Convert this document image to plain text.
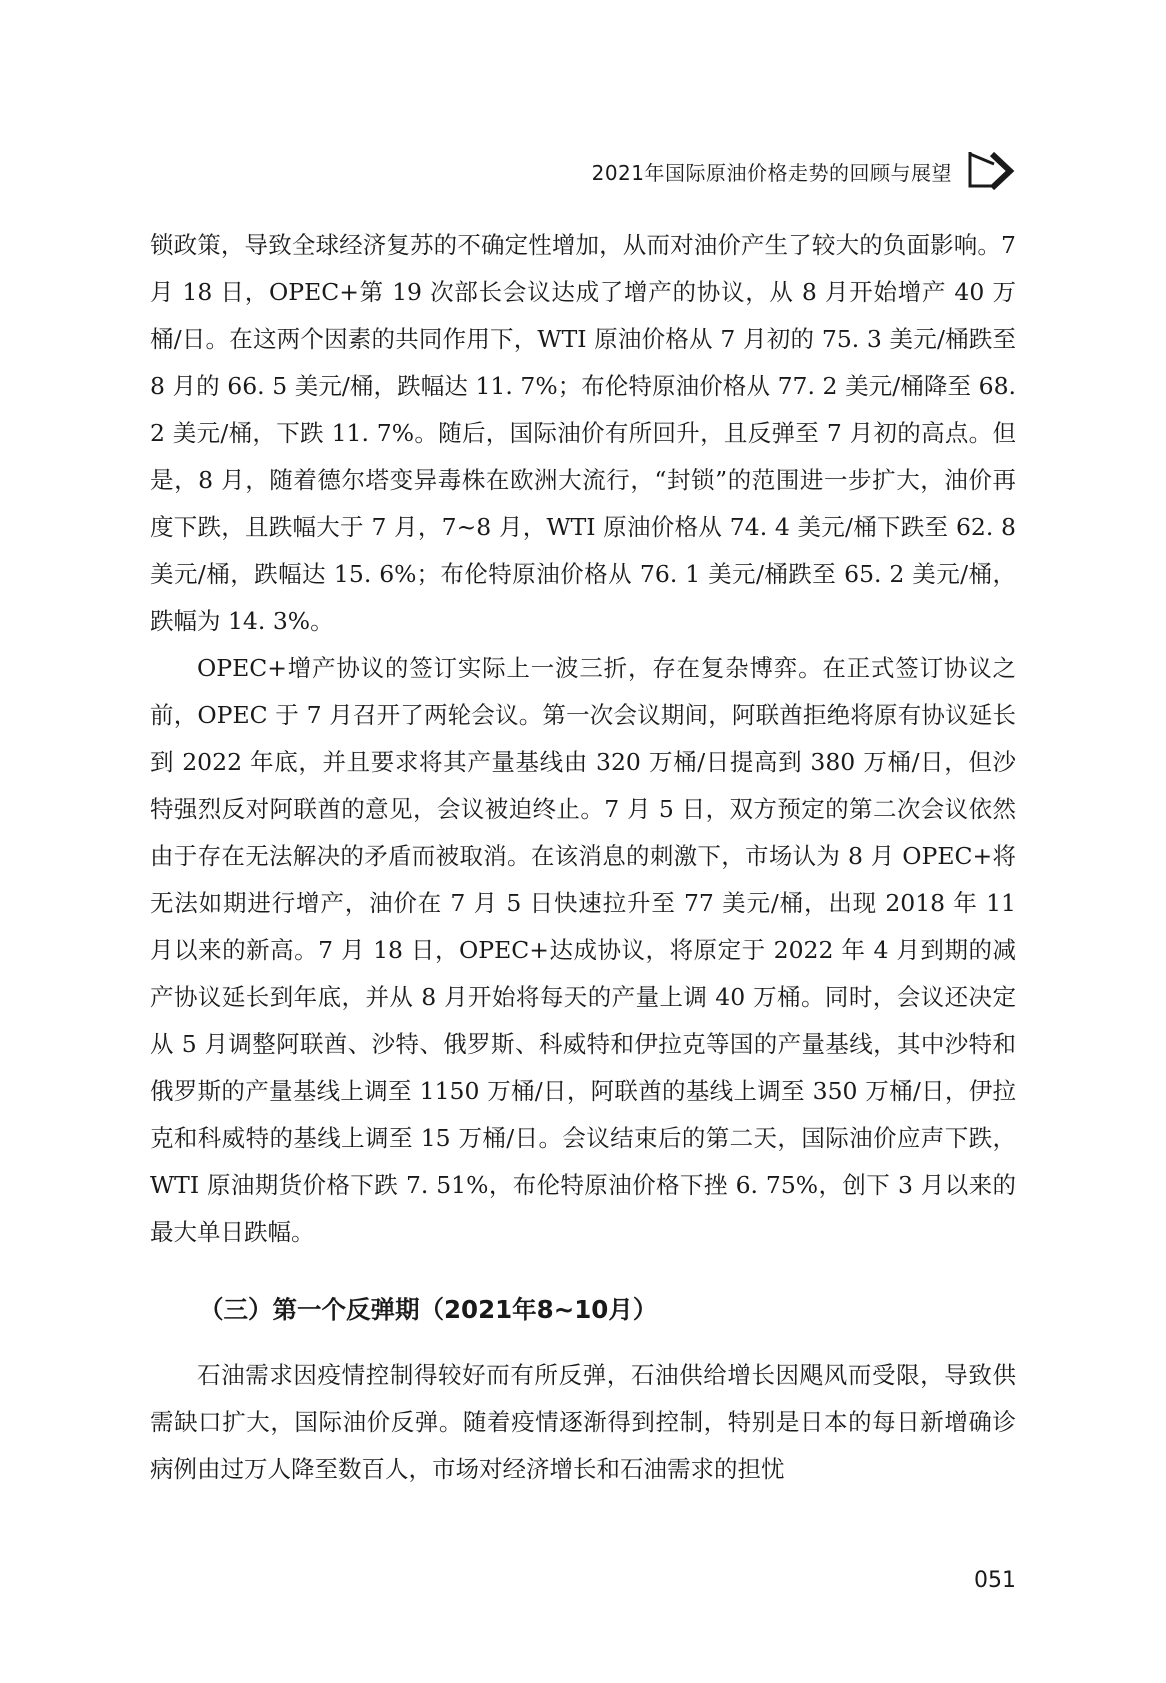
2021年国际原油价格走势的回顾与展望

锁政策，导致全球经济复苏的不确定性增加，从而对油价产生了较大的负面影响。7 月 18 日，OPEC+第 19 次部长会议达成了增产的协议，从 8 月开始增产 40 万桶/日。在这两个因素的共同作用下，WTI 原油价格从 7 月初的 75. 3 美元/桶跌至 8 月的 66. 5 美元/桶，跌幅达 11. 7%；布伦特原油价格从 77. 2 美元/桶降至 68. 2 美元/桶，下跌 11. 7%。随后，国际油价有所回升，且反弹至 7 月初的高点。但是，8 月，随着德尔塔变异毒株在欧洲大流行，“封锁”的范围进一步扩大，油价再度下跌，且跌幅大于 7 月，7~8 月，WTI 原油价格从 74. 4 美元/桶下跌至 62. 8 美元/桶，跌幅达 15. 6%；布伦特原油价格从 76. 1 美元/桶跌至 65. 2 美元/桶，跌幅为 14. 3%。

OPEC+增产协议的签订实际上一波三折，存在复杂博弈。在正式签订协议之前，OPEC 于 7 月召开了两轮会议。第一次会议期间，阿联酋拒绝将原有协议延长到 2022 年底，并且要求将其产量基线由 320 万桶/日提高到 380 万桶/日，但沙特强烈反对阿联酋的意见，会议被迫终止。7 月 5 日，双方预定的第二次会议依然由于存在无法解决的矛盾而被取消。在该消息的刺激下，市场认为 8 月 OPEC+将无法如期进行增产，油价在 7 月 5 日快速拉升至 77 美元/桶，出现 2018 年 11 月以来的新高。7 月 18 日，OPEC+达成协议，将原定于 2022 年 4 月到期的减产协议延长到年底，并从 8 月开始将每天的产量上调 40 万桶。同时，会议还决定从 5 月调整阿联酋、沙特、俄罗斯、科威特和伊拉克等国的产量基线，其中沙特和俄罗斯的产量基线上调至 1150 万桶/日，阿联酋的基线上调至 350 万桶/日，伊拉克和科威特的基线上调至 15 万桶/日。会议结束后的第二天，国际油价应声下跌，WTI 原油期货价格下跌 7. 51%，布伦特原油价格下挫 6. 75%，创下 3 月以来的最大单日跌幅。

（三）第一个反弹期（2021年8~10月）

石油需求因疫情控制得较好而有所反弹，石油供给增长因飓风而受限，导致供需缺口扩大，国际油价反弹。随着疫情逐渐得到控制，特别是日本的每日新增确诊病例由过万人降至数百人，市场对经济增长和石油需求的担忧

051
